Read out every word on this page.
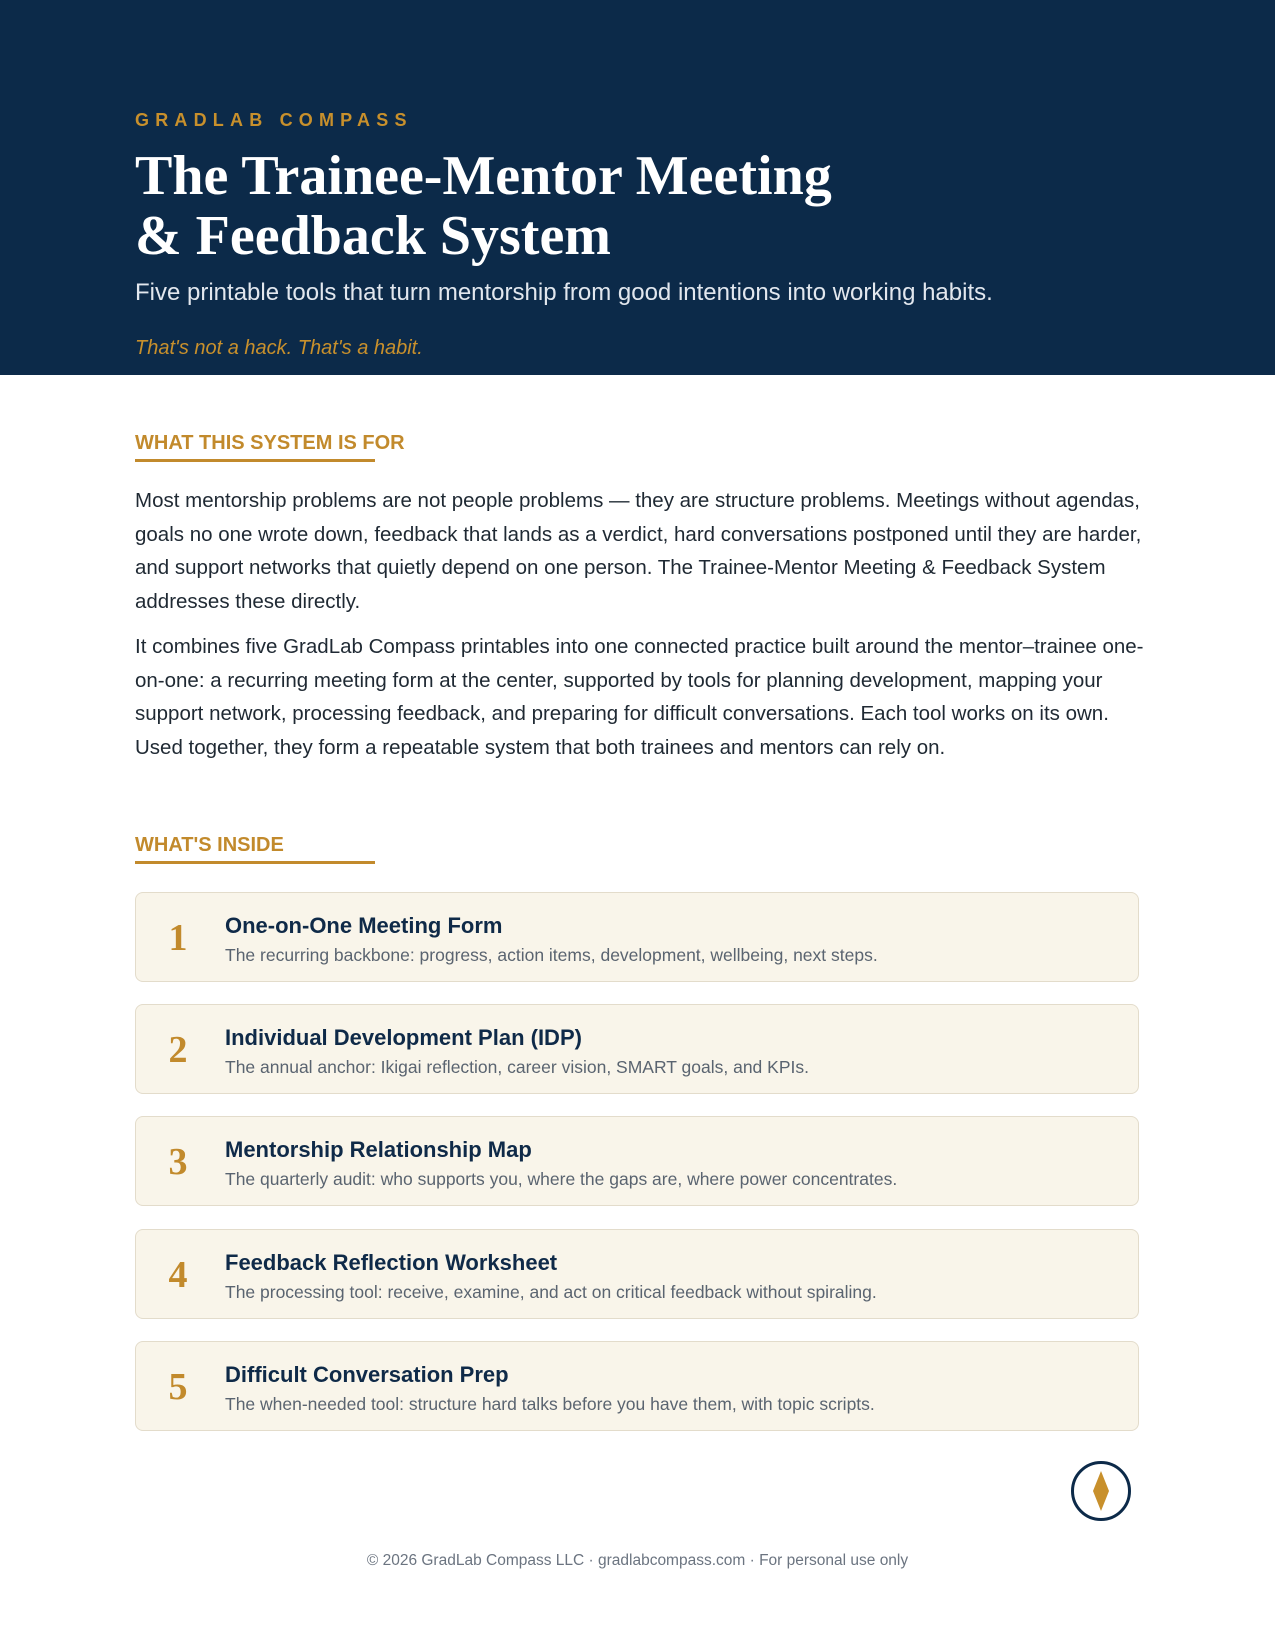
GRADLAB COMPASS
The Trainee-Mentor Meeting
& Feedback System
Five printable tools that turn mentorship from good intentions into working habits.
That's not a hack. That's a habit.
WHAT THIS SYSTEM IS FOR

Most mentorship problems are not people problems — they are structure problems. Meetings without agendas, goals no one wrote down, feedback that lands as a verdict, hard conversations postponed until they are harder, and support networks that quietly depend on one person. The Trainee-Mentor Meeting & Feedback System addresses these directly.

It combines five GradLab Compass printables into one connected practice built around the mentor–trainee one-on-one: a recurring meeting form at the center, supported by tools for planning development, mapping your support network, processing feedback, and preparing for difficult conversations. Each tool works on its own. Used together, they form a repeatable system that both trainees and mentors can rely on.

WHAT'S INSIDE
1	One-on-One Meeting Form
The recurring backbone: progress, action items, development, wellbeing, next steps.
2	Individual Development Plan (IDP)
The annual anchor: Ikigai reflection, career vision, SMART goals, and KPIs.
3	Mentorship Relationship Map
The quarterly audit: who supports you, where the gaps are, where power concentrates.
4	Feedback Reflection Worksheet
The processing tool: receive, examine, and act on critical feedback without spiraling.
5	Difficult Conversation Prep
The when-needed tool: structure hard talks before you have them, with topic scripts.
© 2026 GradLab Compass LLC · gradlabcompass.com · For personal use only
